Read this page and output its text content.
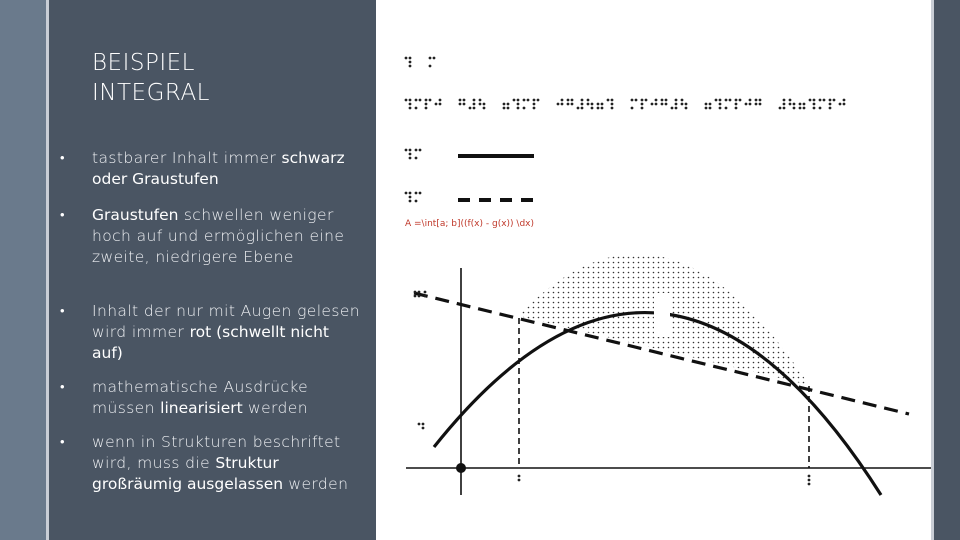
BEISPIEL
INTEGRAL
•	tastbarer Inhalt immer schwarz oder Graustufen
•	Graustufen schwellen weniger hoch auf und ermöglichen eine zweite, niedrigere Ebene
•	Inhalt der nur mit Augen gelesen wird immer rot (schwellt nicht auf)
•	mathematische Ausdrücke müssen linearisiert werden
•	wenn in Strukturen beschriftet wird, muss die Struktur großräumig ausgelassen werden
A =\int[a; b]((f(x) - g(x)) \dx)
